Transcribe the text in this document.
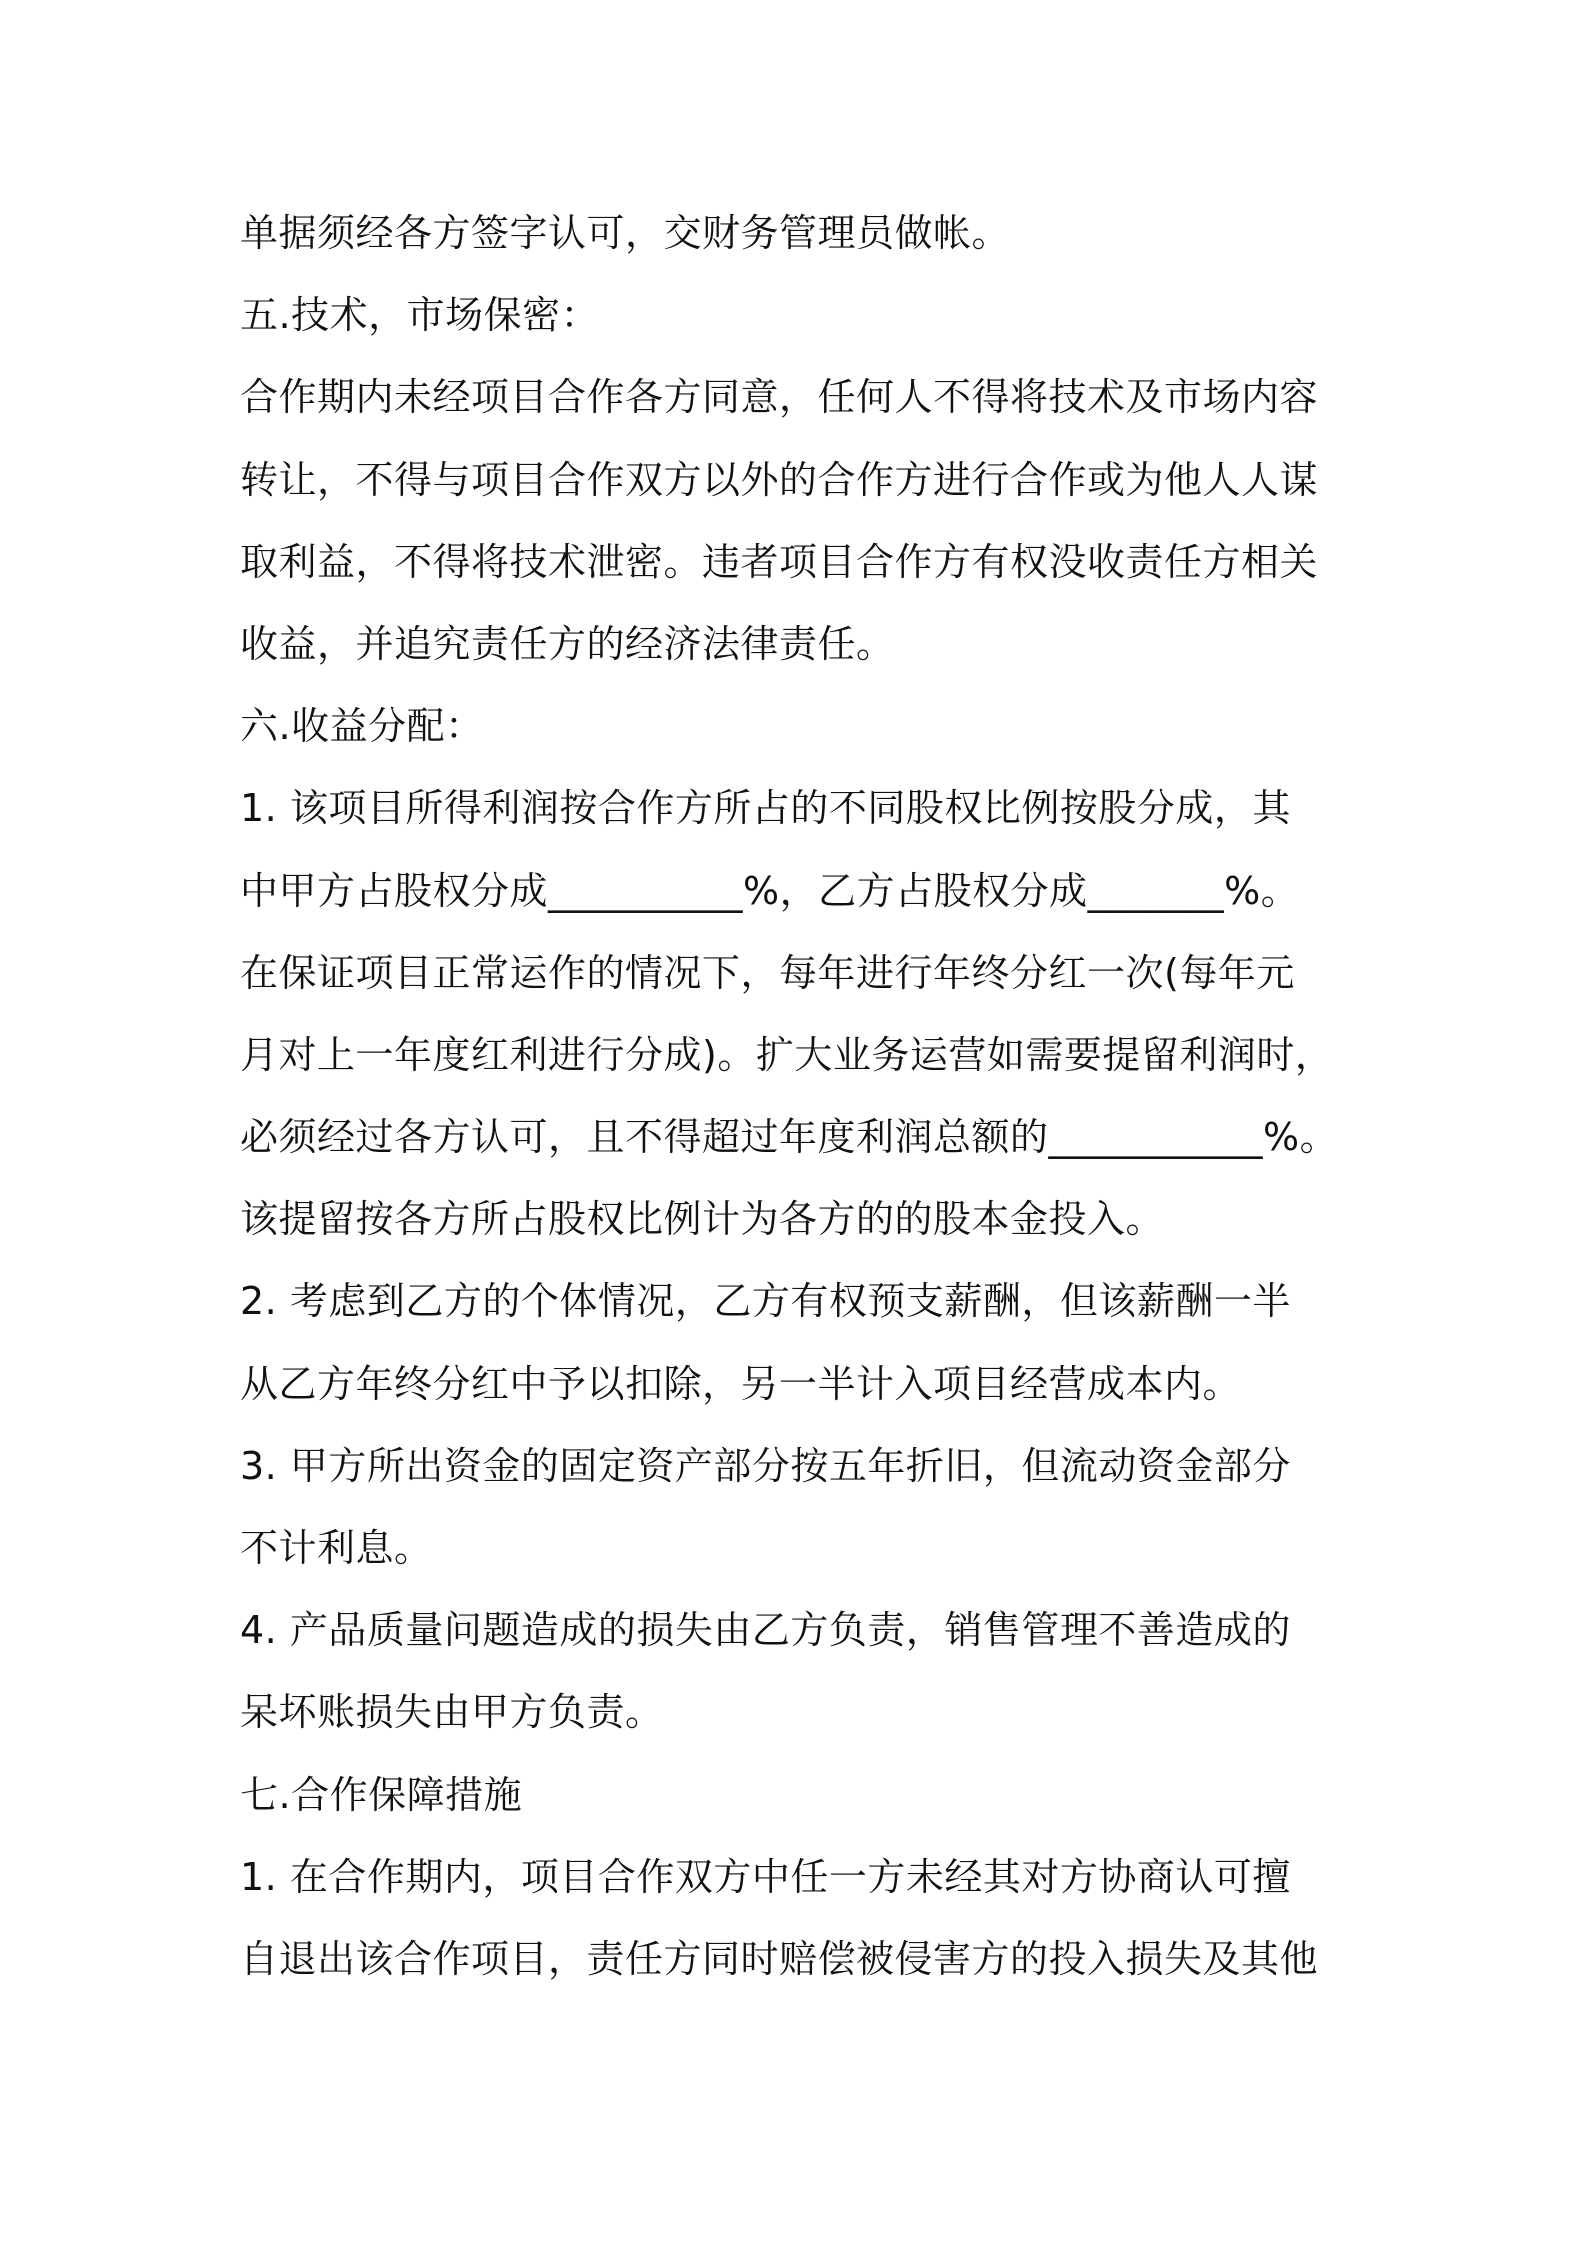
单据须经各方签字认可，交财务管理员做帐。
五.技术，市场保密：
合作期内未经项目合作各方同意，任何人不得将技术及市场内容
转让，不得与项目合作双方以外的合作方进行合作或为他人人谋
取利益，不得将技术泄密。违者项目合作方有权没收责任方相关
收益，并追究责任方的经济法律责任。
六.收益分配：
1. 该项目所得利润按合作方所占的不同股权比例按股分成，其
中甲方占股权分成__________%，乙方占股权分成_______%。
在保证项目正常运作的情况下，每年进行年终分红一次(每年元
月对上一年度红利进行分成)。扩大业务运营如需要提留利润时，
必须经过各方认可，且不得超过年度利润总额的___________%。
该提留按各方所占股权比例计为各方的的股本金投入。
2. 考虑到乙方的个体情况，乙方有权预支薪酬，但该薪酬一半
从乙方年终分红中予以扣除，另一半计入项目经营成本内。
3. 甲方所出资金的固定资产部分按五年折旧，但流动资金部分
不计利息。
4. 产品质量问题造成的损失由乙方负责，销售管理不善造成的
呆坏账损失由甲方负责。
七.合作保障措施
1. 在合作期内，项目合作双方中任一方未经其对方协商认可擅
自退出该合作项目，责任方同时赔偿被侵害方的投入损失及其他
